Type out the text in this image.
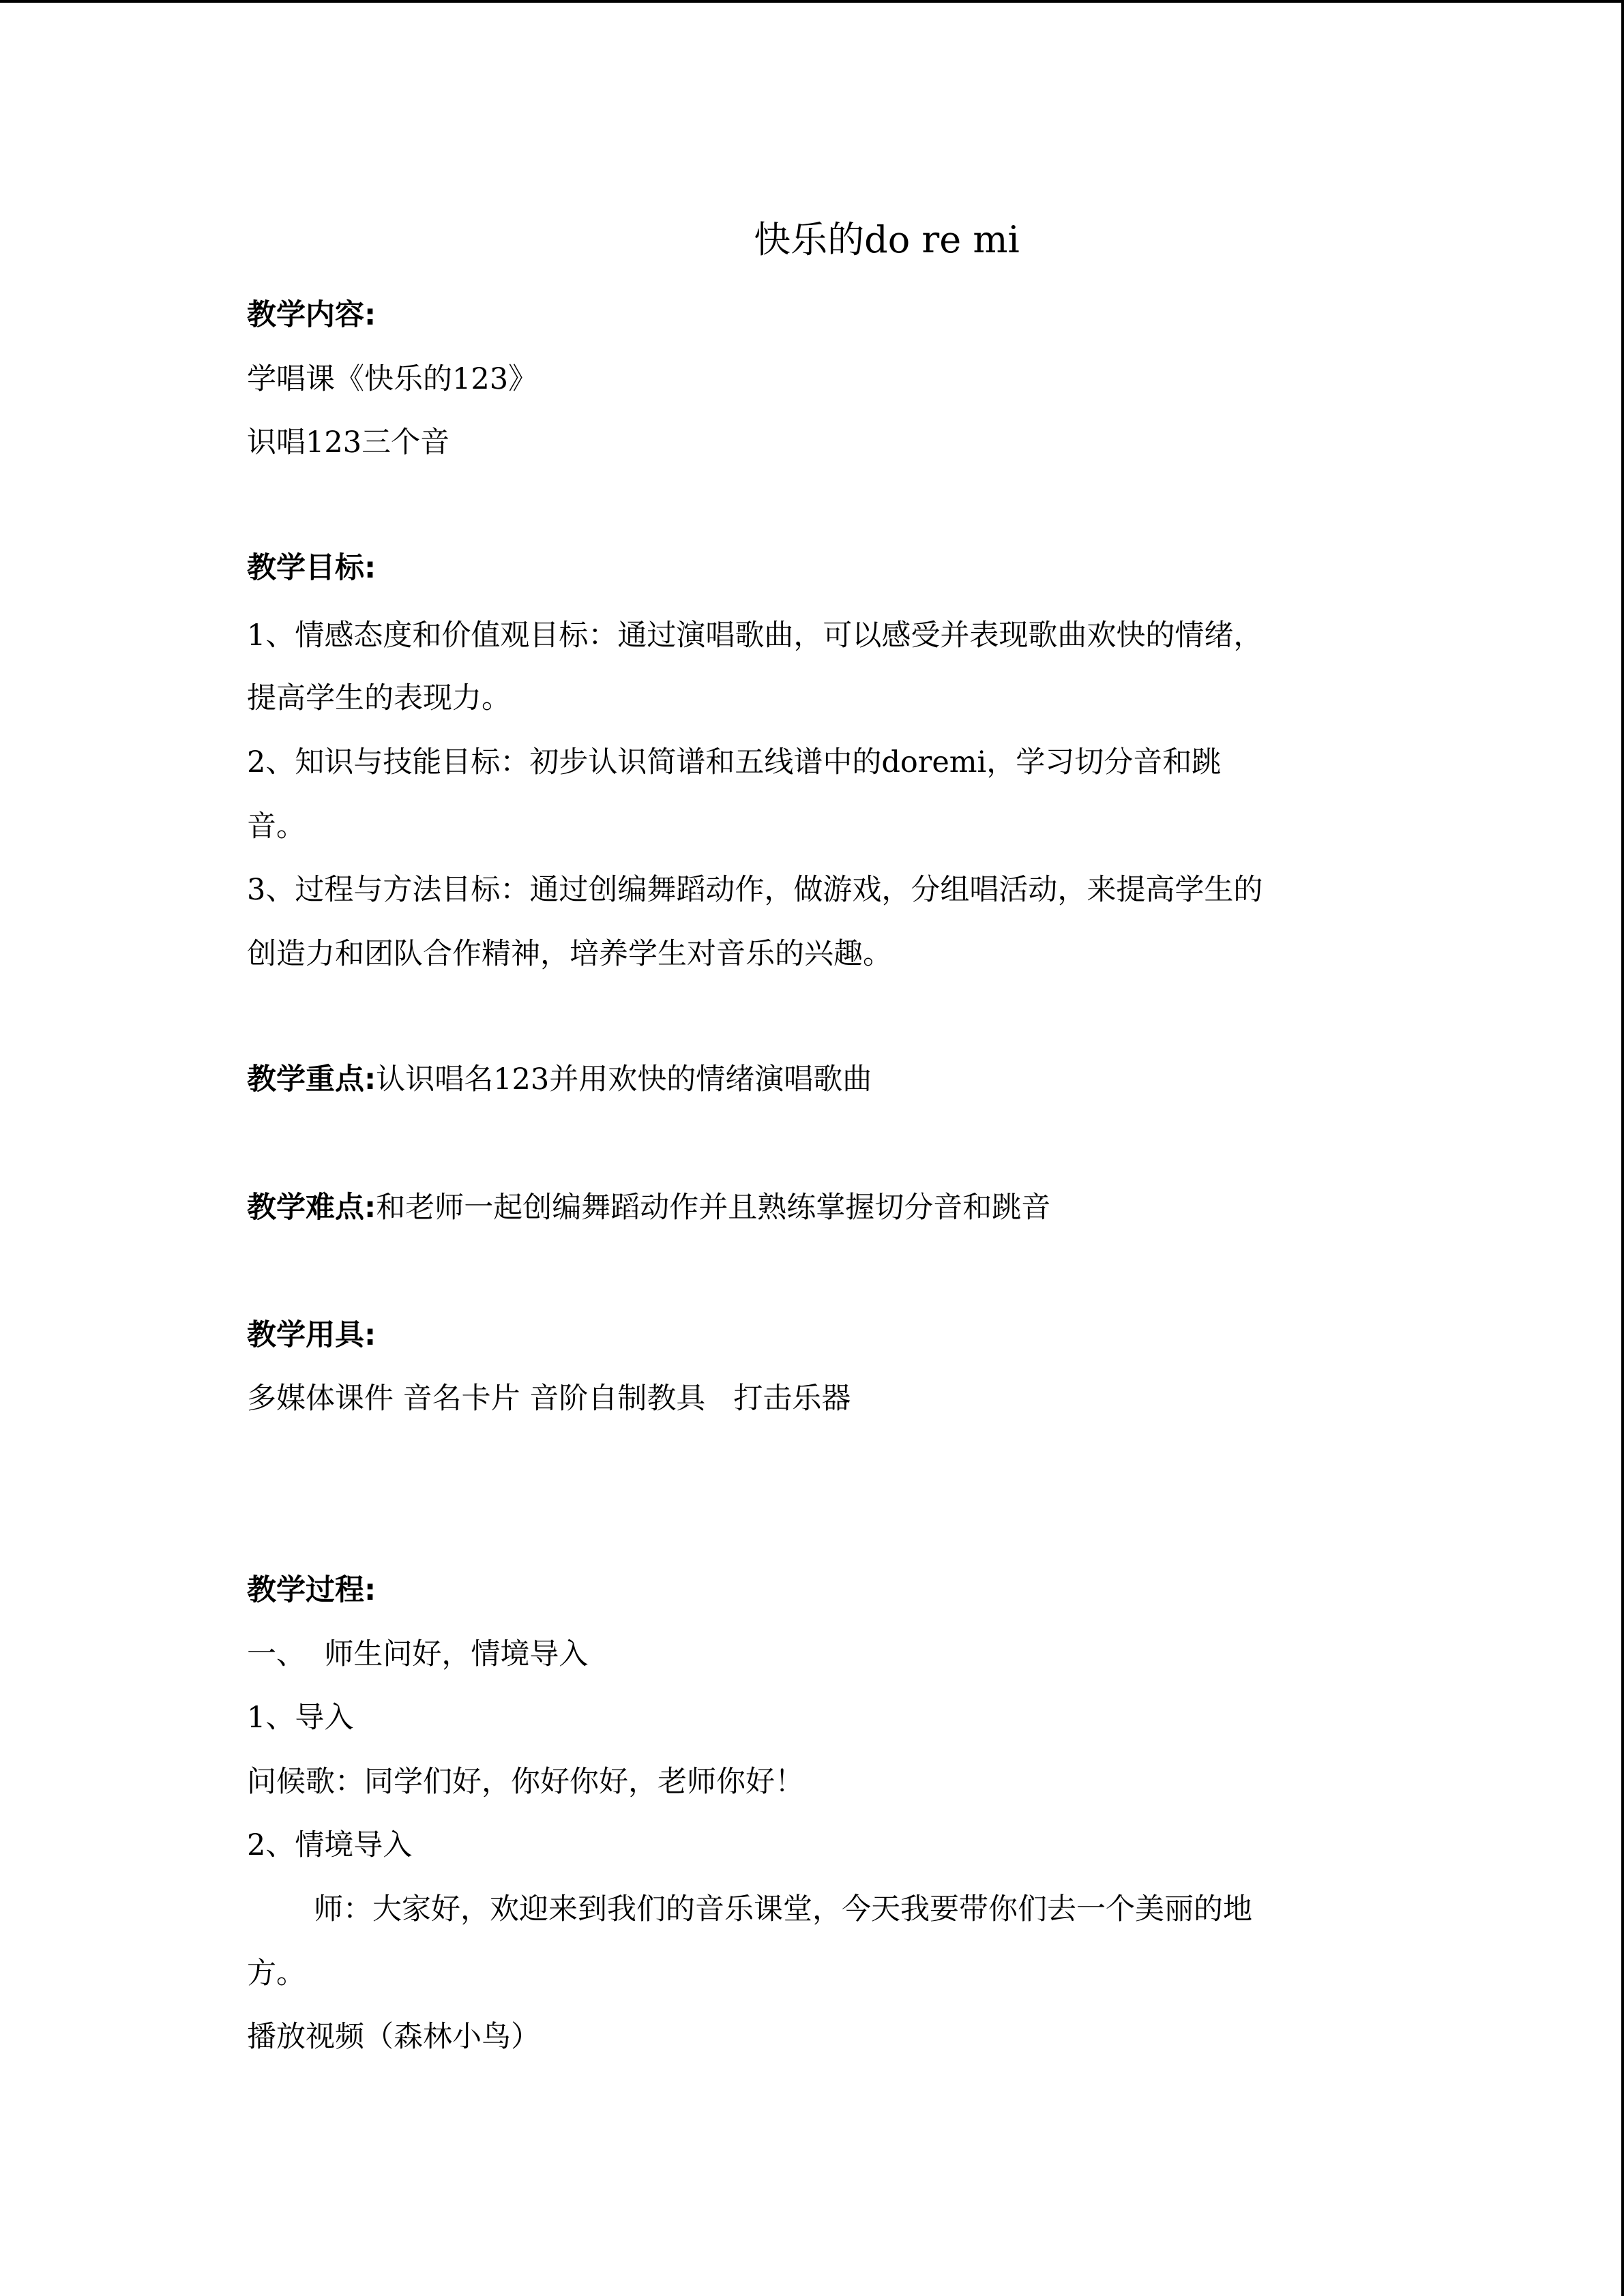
快乐的do re mi
教学内容:
学唱课《快乐的123》
识唱123三个音
教学目标:
1、情感态度和价值观目标：通过演唱歌曲，可以感受并表现歌曲欢快的情绪，
提高学生的表现力。
2、知识与技能目标：初步认识简谱和五线谱中的doremi，学习切分音和跳
音。
3、过程与方法目标：通过创编舞蹈动作，做游戏，分组唱活动，来提高学生的
创造力和团队合作精神，培养学生对音乐的兴趣。
教学重点:认识唱名123并用欢快的情绪演唱歌曲
教学难点:和老师一起创编舞蹈动作并且熟练掌握切分音和跳音
教学用具:
多媒体课件 音名卡片 音阶自制教具   打击乐器
教学过程:
一、  师生问好，情境导入
1、导入
问候歌：同学们好，你好你好，老师你好！
2、情境导入
师：大家好，欢迎来到我们的音乐课堂，今天我要带你们去一个美丽的地
方。
播放视频（森林小鸟）
